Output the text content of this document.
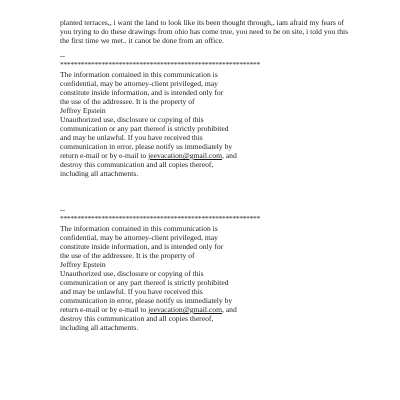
planted terraces,, i want the land to look like its been thought through,, iam afraid my fears of

you trying to do these drawings from ohio has come true, you need to be on site, i told you this

the first time we met.. it canot be done from an office.

--

**********************************************************

The information contained in this communication is
confidential, may be attorney-client privileged, may
constitute inside information, and is intended only for
the use of the addressee. It is the property of
Jeffrey Epstein
Unauthorized use, disclosure or copying of this
communication or any part thereof is strictly prohibited
and may be unlawful. If you have received this
communication in error, please notify us immediately by
return e-mail or by e-mail to jeevacation@gmail.com, and
destroy this communication and all copies thereof,
including all attachments.

--

**********************************************************

The information contained in this communication is
confidential, may be attorney-client privileged, may
constitute inside information, and is intended only for
the use of the addressee. It is the property of
Jeffrey Epstein
Unauthorized use, disclosure or copying of this
communication or any part thereof is strictly prohibited
and may be unlawful. If you have received this
communication in error, please notify us immediately by
return e-mail or by e-mail to jeevacation@gmail.com, and
destroy this communication and all copies thereof,
including all attachments.
